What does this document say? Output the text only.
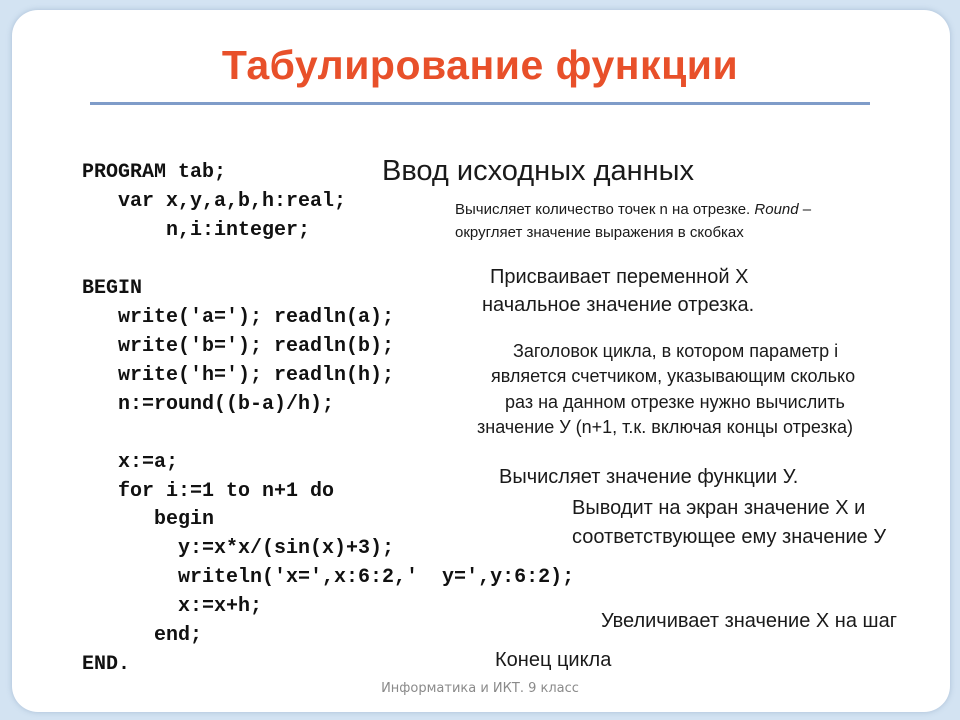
Табулирование функции
PROGRAM tab;
var x,y,a,b,h:real;
n,i:integer;
BEGIN
write('a='); readln(a);
write('b='); readln(b);
write('h='); readln(h);
n:=round((b-a)/h);
x:=a;
for i:=1 to n+1 do
begin
y:=x*x/(sin(x)+3);
writeln('x=',x:6:2,'  y=',y:6:2);
x:=x+h;
end;
END.
Ввод исходных данных
Вычисляет количество точек n на отрезке. Round –
округляет значение выражения в скобках
Присваивает переменной Х
начальное значение отрезка.
Заголовок цикла, в котором параметр i
является счетчиком, указывающим сколько
раз на данном отрезке нужно вычислить
значение У (n+1, т.к. включая концы отрезка)
Вычисляет значение функции У.
Выводит на экран значение Х и
соответствующее ему значение У
Увеличивает значение Х на шаг
Конец цикла
Информатика и ИКТ. 9 класс
